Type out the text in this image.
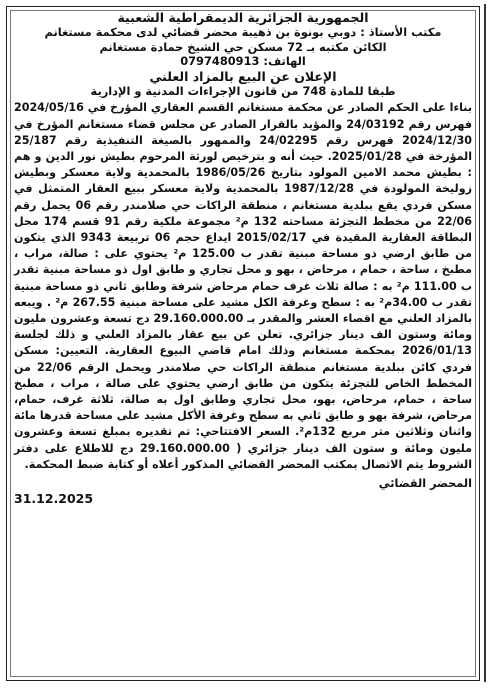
الجمهورية الجزائرية الديمقراطية الشعبية
مكتب الأستاذ : دوبي بونوة بن ذهيبة محضر قضائي لدى محكمة مستغانم
الكائن مكتبه بـ 72 مسكن حي الشيخ حمادة مستغانم
الهاتف: 0797480913
الإعلان عن البيع بالمزاد العلني
طبقا للمادة 748 من قانون الإجراءات المدنية و الإدارية
بناءا على الحكم الصادر عن محكمة مستغانم القسم العقاري المؤرخ في 2024/05/16 فهرس رقم 24/03192 والمؤيد بالقرار الصادر عن مجلس قضاء مستغانم المؤرخ في 2024/12/30 فهرس رقم 24/02295 والممهور بالصيغة التنفيذية رقم 25/187 المؤرخة في 2025/01/28. حيث أنه و بترخيص لورثة المرحوم بطيش نور الدين و هم : بطيش محمد الامين المولود بتاريخ 1986/05/26 بالمحمدية ولاية معسكر وبطيش زوليخة المولودة في 1987/12/28 بالمحمدية ولاية معسكر ببيع العقار المتمثل في مسكن فردي يقع ببلدية مستغانم ، منطقة الراكات حي صلامندر رقم 06 يحمل رقم 22/06 من مخطط التجزئة مساحته 132 م² مجموعة ملكية رقم 91 قسم 174 محل البطاقة العقارية المقيدة في 2015/02/17 ايداع حجم 06 تربيعة 9343 الذي يتكون من طابق ارضي ذو مساحة مبنية تقدر ب 125.00 م² يحتوي على : صالة، مراب ، مطبخ ، ساحة ، حمام ، مرحاض ، بهو و محل تجاري و طابق اول ذو مساحة مبنية تقدر ب 111.00 م² به : صالة ثلاث غرف حمام مرحاض شرفة وطابق ثاني ذو مساحة مبنية تقدر ب 34.00م² به : سطح وغرفة الكل مشيد على مساحة مبنية 267.55 م² . ويبعه بالمزاد العلني مع اقصاء العشر والمقدر بـ 29.160.000.00 دج تسعة وعشرون مليون ومائة وستون الف دينار جزائري. تعلن عن بيع عقار بالمزاد العلني و ذلك لجلسة 2026/01/13 بمحكمة مستغانم وذلك امام قاضي البيوع العقارية. التعيين: مسكن فردي كائن ببلدية مستغانم منطقة الراكات حي صلامندر ويحمل الرقم 22/06 من المخطط الخاص للتجزئة يتكون من طابق ارضي يحتوي على صالة ، مراب ، مطبخ ساحة ، حمام، مرحاض، بهو، محل تجاري وطابق اول به صالة، ثلاثة غرف، حمام، مرحاض، شرفة بهو و طابق ثاني به سطح وغرفة الأكل مشيد على مساحة قدرها مائة واثنان وثلاثين متر مربع 132م². السعر الافتتاحي: تم تقديره بمبلغ تسعة وعشرون مليون ومائة و ستون الف دينار جزائري ( 29.160.000.00 دج للاطلاع على دفتر الشروط يتم الاتصال بمكتب المحضر القضائي المذكور أعلاه أو كتابة ضبط المحكمة.
المحضر القضائي
31.12.2025
